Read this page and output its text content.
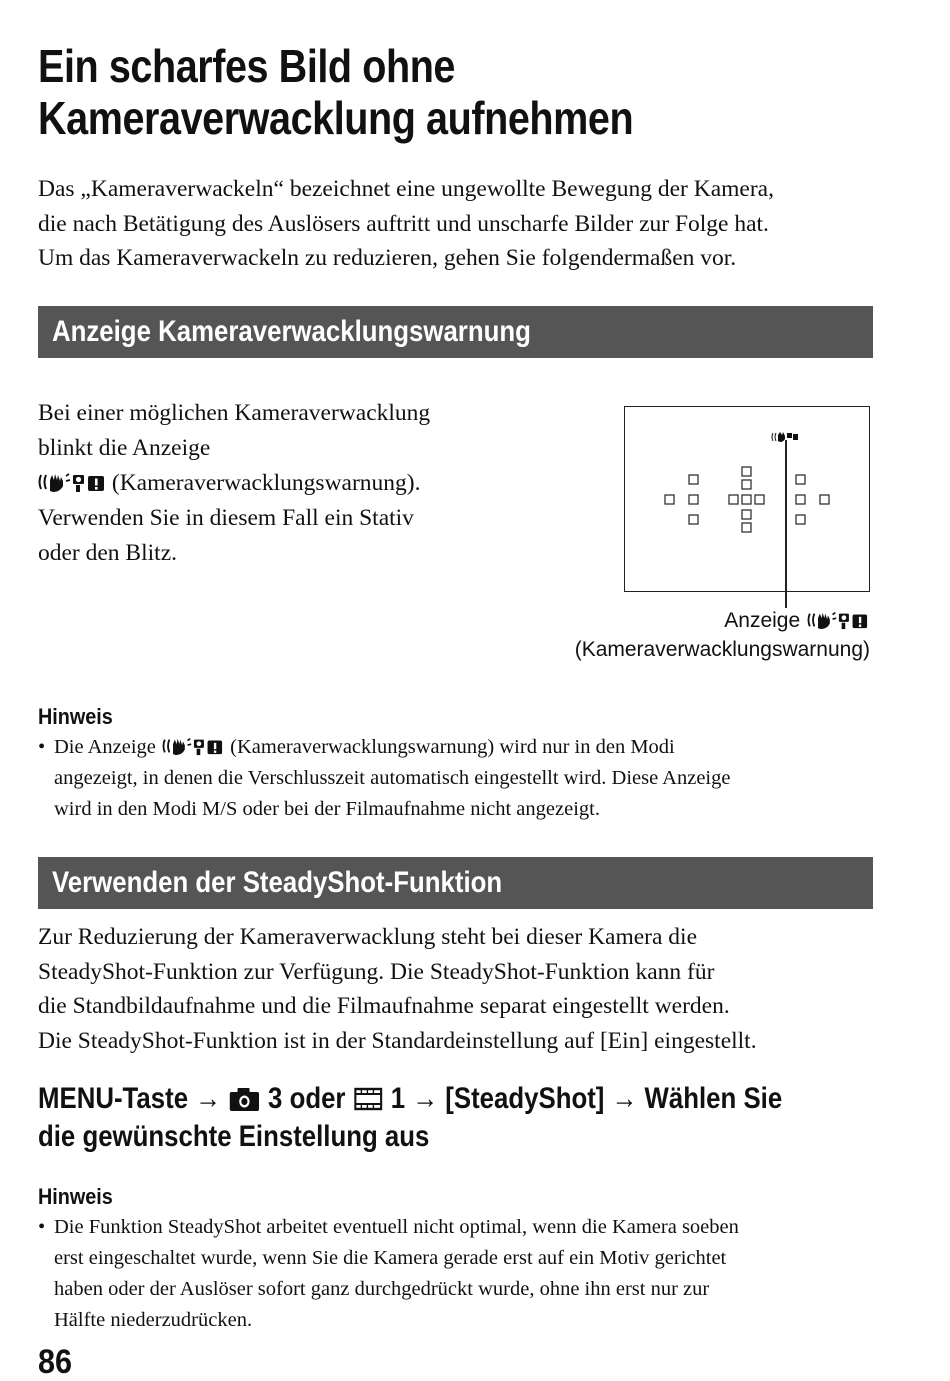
Ein scharfes Bild ohne
Kameraverwacklung aufnehmen

Das „Kameraverwackeln“ bezeichnet eine ungewollte Bewegung der Kamera,
die nach Betätigung des Auslösers auftritt und unscharfe Bilder zur Folge hat.
Um das Kameraverwackeln zu reduzieren, gehen Sie folgendermaßen vor.

Anzeige Kameraverwacklungswarnung
Bei einer möglichen Kameraverwacklung
blinkt die Anzeige
(Kameraverwacklungswarnung).
Verwenden Sie in diesem Fall ein Stativ
oder den Blitz.
Anzeige
(Kameraverwacklungswarnung)
Hinweis
• Die Anzeige	(Kameraverwacklungswarnung) wird nur in den Modi
angezeigt, in denen die Verschlusszeit automatisch eingestellt wird. Diese Anzeige
wird in den Modi M/S oder bei der Filmaufnahme nicht angezeigt.
Verwenden der SteadyShot-Funktion
Zur Reduzierung der Kameraverwacklung steht bei dieser Kamera die
SteadyShot-Funktion zur Verfügung. Die SteadyShot-Funktion kann für
die Standbildaufnahme und die Filmaufnahme separat eingestellt werden.
Die SteadyShot-Funktion ist in der Standardeinstellung auf [Ein] eingestellt.
MENU-Taste → 3 oder 1 → [SteadyShot] → Wählen Sie
die gewünschte Einstellung aus
Hinweis
• Die Funktion SteadyShot arbeitet eventuell nicht optimal, wenn die Kamera soeben
erst eingeschaltet wurde, wenn Sie die Kamera gerade erst auf ein Motiv gerichtet
haben oder der Auslöser sofort ganz durchgedrückt wurde, ohne ihn erst nur zur
Hälfte niederzudrücken.
86
